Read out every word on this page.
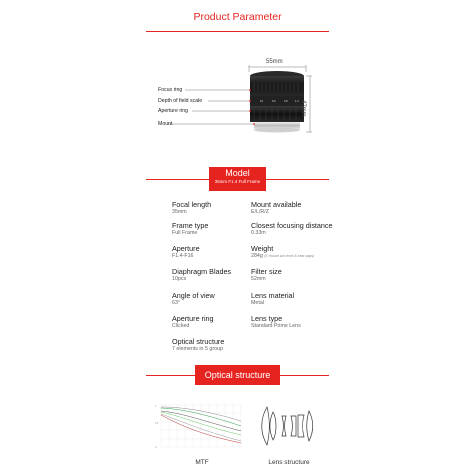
Product Parameter
16	5.6	2.8	1.4
55mm
47mm
Focus ring
Depth of field scale
Aperture ring
Mount
Model
35mm F1.4 Full Frame
Focal length
35mm
Frame type
Full Frame
Aperture
F1.4-F16
Diaphragm Blades
10pcs
Angle of view
63°
Aperture ring
Clicked
Optical structure
7 elements in 5 group
Mount available
E/L/R/Z
Closest focusing distance
0.33m
Weight
284g (E mount w/o front & rear caps)
Filter size
52mm
Lens material
Metal
Lens type
Standard Prime Lens
Optical structure
1
0.5
0
MTF	Lens structure
